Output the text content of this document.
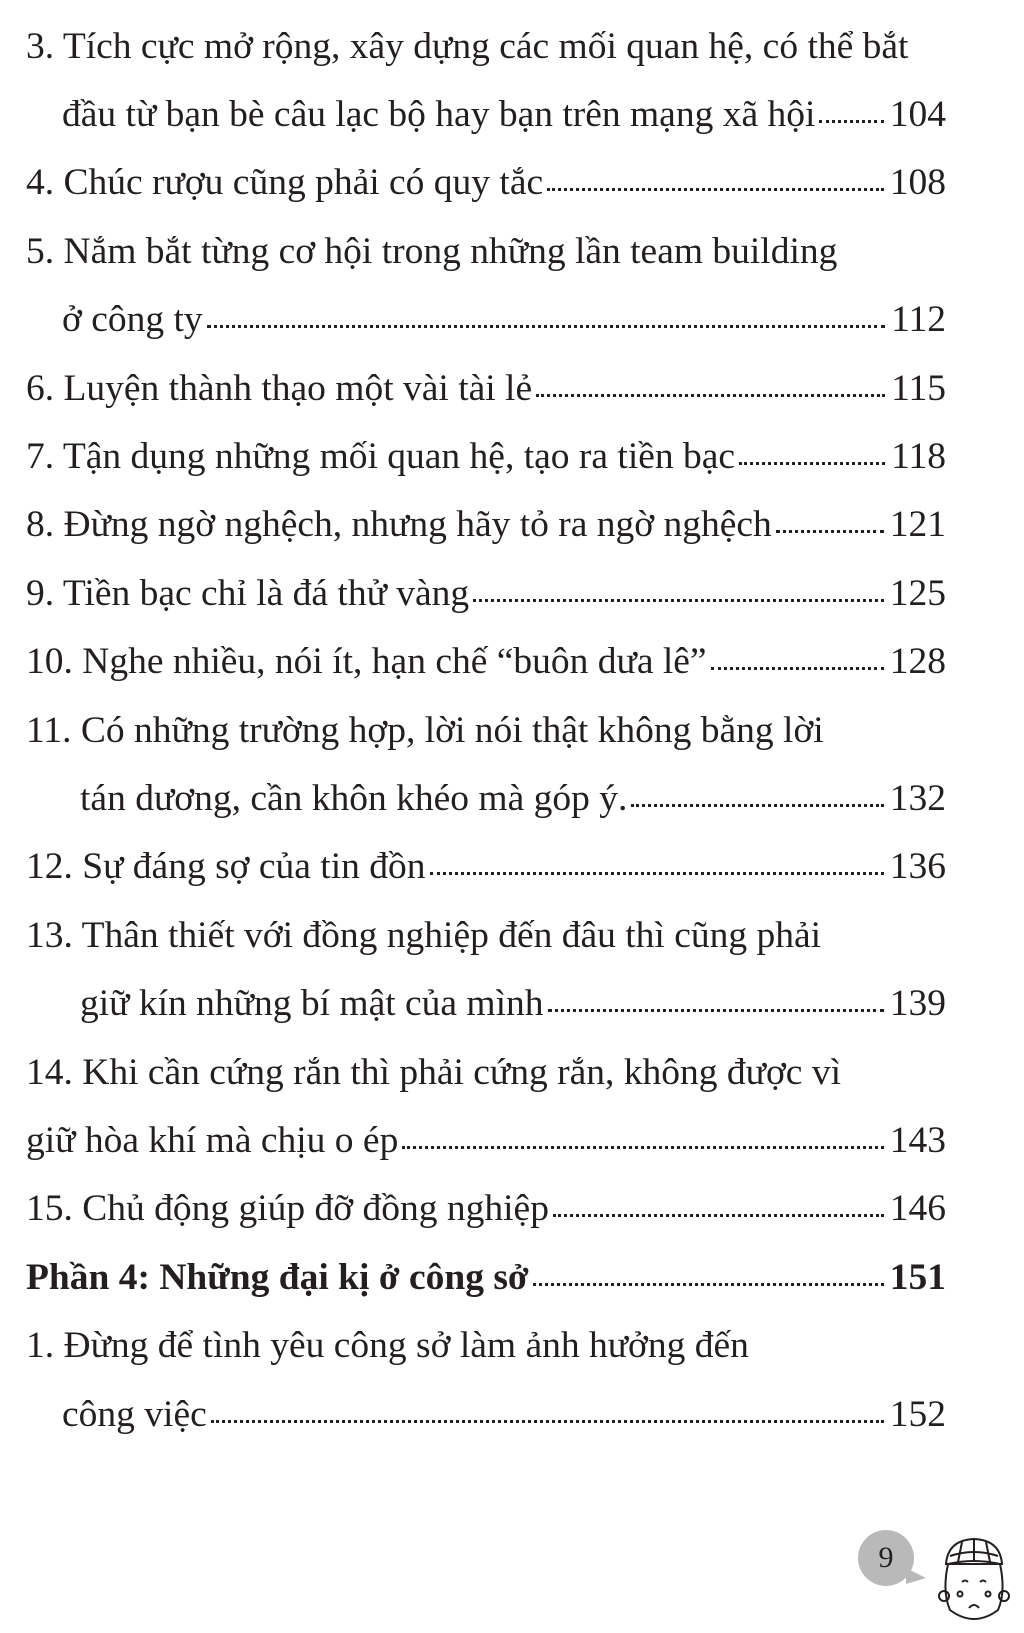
3. Tích cực mở rộng, xây dựng các mối quan hệ, có thể bắt
đầu từ bạn bè câu lạc bộ hay bạn trên mạng xã hội 104
4. Chúc rượu cũng phải có quy tắc	108
5. Nắm bắt từng cơ hội trong những lần team building
ở công ty	112
6. Luyện thành thạo một vài tài lẻ	115
7. Tận dụng những mối quan hệ, tạo ra tiền bạc	118
8. Đừng ngờ nghệch, nhưng hãy tỏ ra ngờ nghệch	121
9. Tiền bạc chỉ là đá thử vàng	125
10. Nghe nhiều, nói ít, hạn chế “buôn dưa lê”	128
11. Có những trường hợp, lời nói thật không bằng lời
tán dương, cần khôn khéo mà góp ý.	132
12. Sự đáng sợ của tin đồn	136
13. Thân thiết với đồng nghiệp đến đâu thì cũng phải
giữ kín những bí mật của mình	139
14. Khi cần cứng rắn thì phải cứng rắn, không được vì
giữ hòa khí mà chịu o ép	143
15. Chủ động giúp đỡ đồng nghiệp	146
Phần 4: Những đại kị ở công sở	151
1. Đừng để tình yêu công sở làm ảnh hưởng đến
công việc	152
9
